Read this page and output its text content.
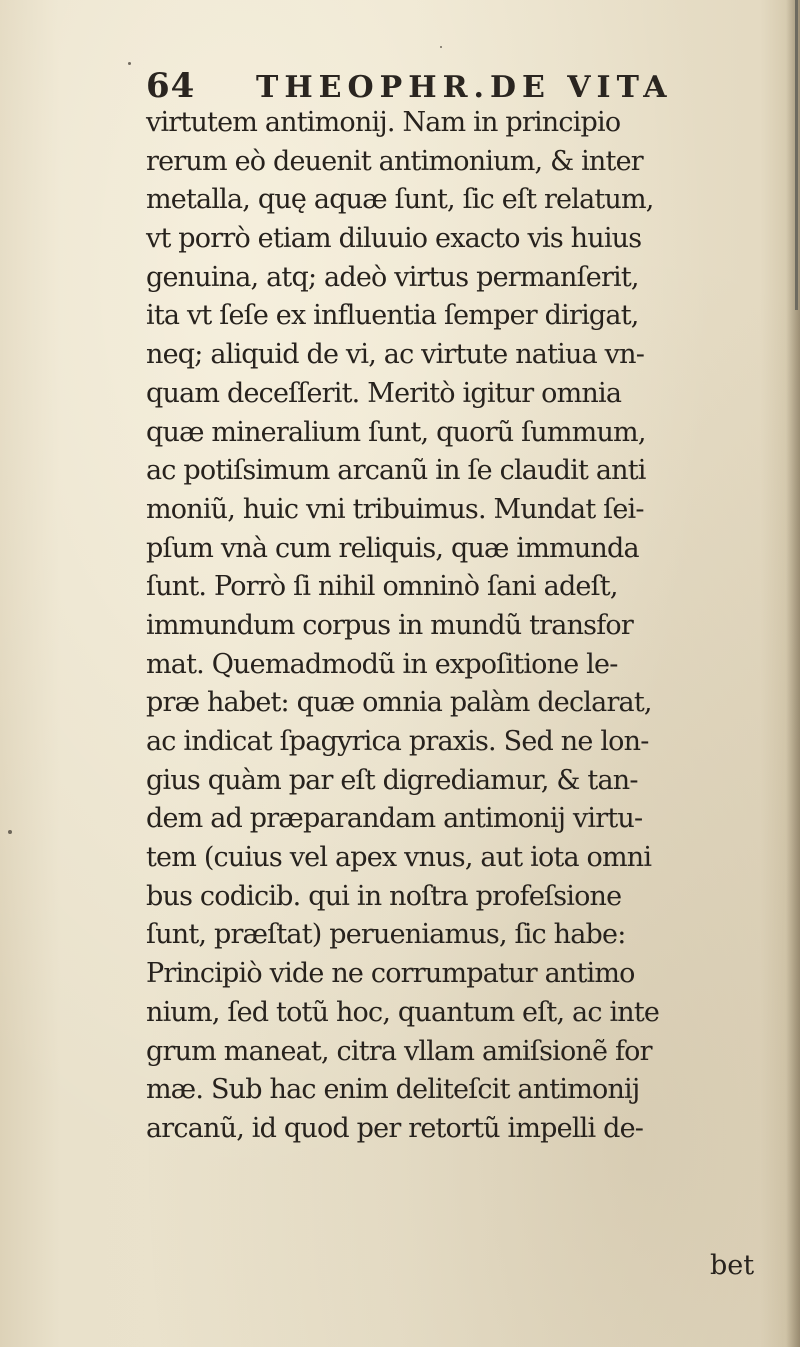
64 THEOPHR.DE VITA
virtutem antimonij. Nam in principio
rerum eò deuenit antimonium, & inter
metalla, quę aquæ ſunt, ſic eſt relatum,
vt porrò etiam diluuio exacto vis huius
genuina, atq; adeò virtus permanſerit,
ita vt ſeſe ex influentia ſemper dirigat,
neq; aliquid de vi, ac virtute natiua vn-
quam deceſſerit. Meritò igitur omnia
quæ mineralium ſunt, quorũ ſummum,
ac potiſsimum arcanũ in ſe claudit anti
moniũ, huic vni tribuimus. Mundat ſei-
pſum vnà cum reliquis, quæ immunda
ſunt. Porrò ſi nihil omninò ſani adeſt,
immundum corpus in mundũ transfor
mat. Quemadmodũ in expoſitione le-
præ habet: quæ omnia palàm declarat,
ac indicat ſpagyrica praxis. Sed ne lon-
gius quàm par eſt digrediamur, & tan-
dem ad præparandam antimonij virtu-
tem (cuius vel apex vnus, aut iota omni
bus codicib. qui in noſtra profeſsione
ſunt, præſtat) perueniamus, ſic habe:
Principiò vide ne corrumpatur antimo
nium, ſed totũ hoc, quantum eſt, ac inte
grum maneat, citra vllam amiſsionẽ for
mæ. Sub hac enim deliteſcit antimonij
arcanũ, id quod per retortũ impelli de-
bet
